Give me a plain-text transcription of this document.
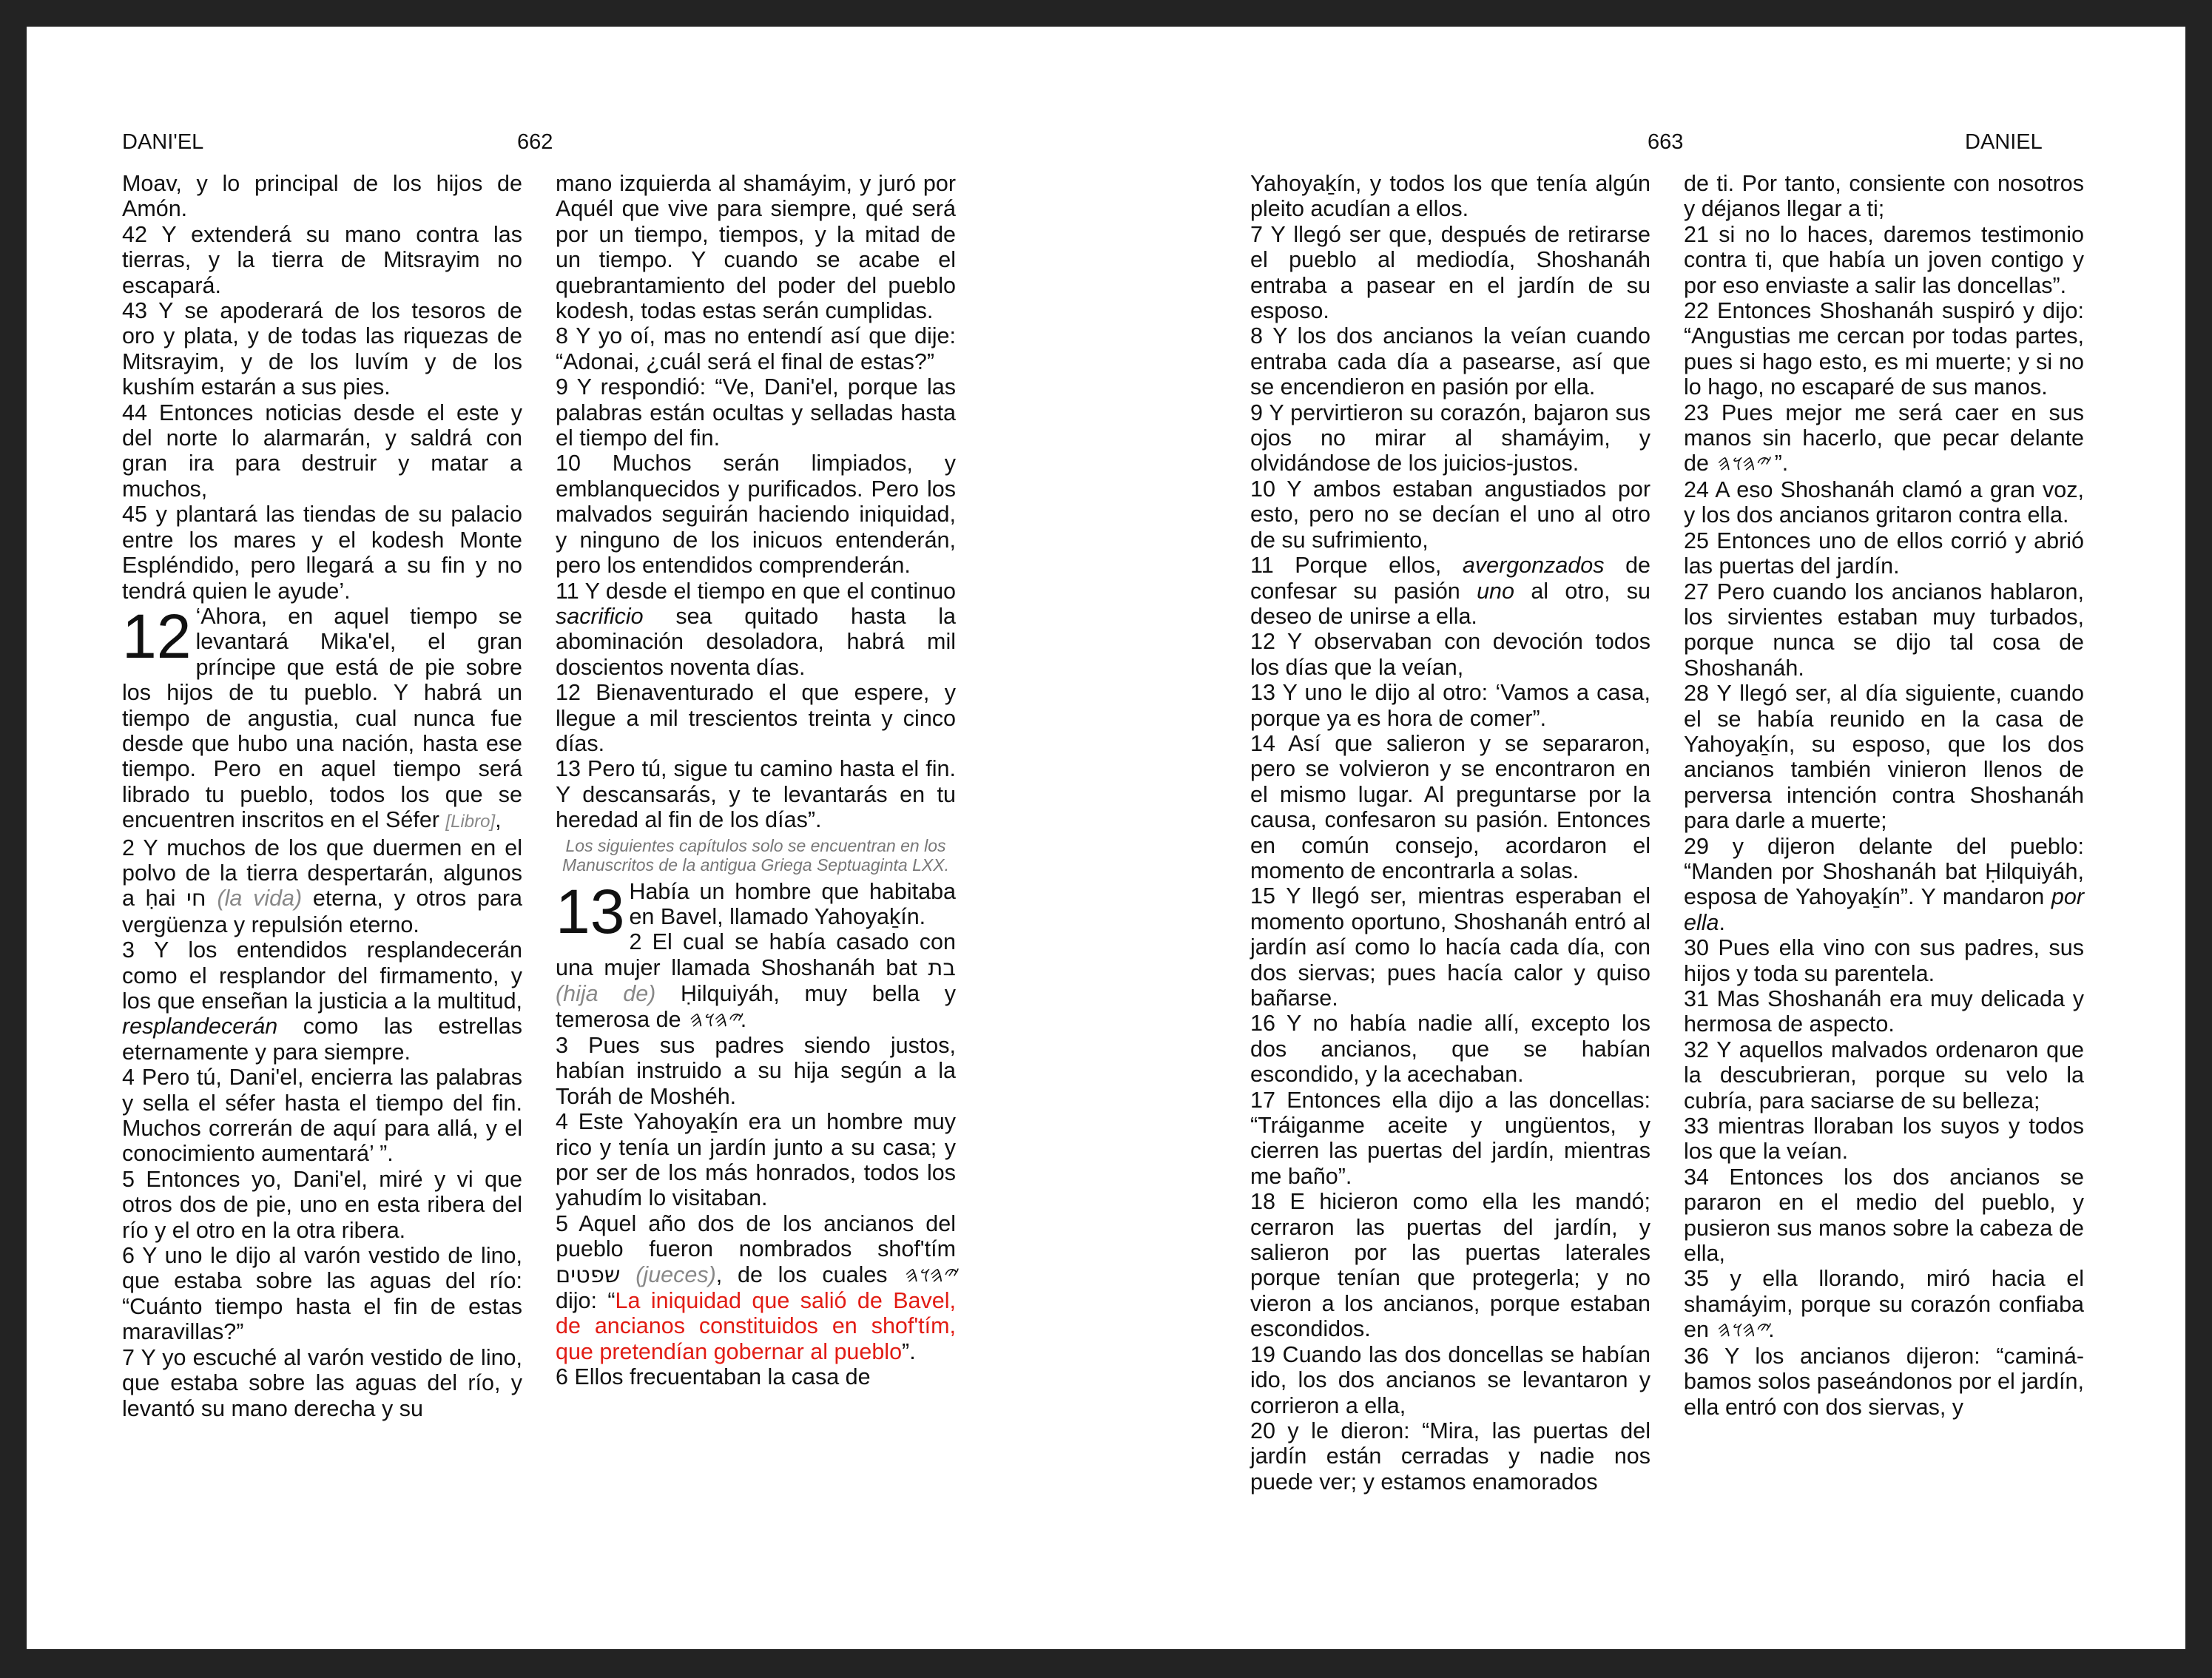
DANI'EL	662

Moav, y lo principal de los hijos de Amón.

42 Y extenderá su mano contra las tierras, y la tierra de Mitsrayim no escapará.

43 Y se apoderará de los tesoros de oro y plata, y de todas las riquezas de Mitsrayim, y de los luvím y de los kushím estarán a sus pies.

44 Entonces noticias desde el este y del norte lo alarmarán, y saldrá con gran ira para destruir y matar a muchos,

45 y plantará las tiendas de su palacio entre los mares y el kodesh Monte Espléndido, pero llegará a su fin y no tendrá quien le ayude’.

12 ‘Ahora, en aquel tiempo se levantará Mika'el, el gran príncipe que está de pie sobre los hijos de tu pueblo. Y habrá un tiempo de angustia, cual nunca fue desde que hubo una nación, hasta ese tiempo. Pero en aquel tiempo será librado tu pueblo, todos los que se encuentren inscritos en el Séfer [Libro],

2 Y muchos de los que duermen en el polvo de la tierra despertarán, algunos a ḥai חי (la vida) eterna, y otros para vergüenza y repulsión eterno.

3 Y los entendidos resplandecerán como el resplandor del firmamento, y los que enseñan la justicia a la multitud, resplandecerán como las estrellas eternamente y para siempre.

4 Pero tú, Dani'el, encierra las palabras y sella el séfer hasta el tiempo del fin. Muchos correrán de aquí para allá, y el conocimiento aumentará’ ”.

5 Entonces yo, Dani'el, miré y vi que otros dos de pie, uno en esta ribera del río y el otro en la otra ribera.

6 Y uno le dijo al varón vestido de lino, que estaba sobre las aguas del río: “Cuánto tiempo hasta el fin de estas maravillas?”

7 Y yo escuché al varón vestido de lino, que estaba sobre las aguas del río, y levantó su mano derecha y su

mano izquierda al shamáyim, y juró por Aquél que vive para siempre, qué será por un tiempo, tiempos, y la mitad de un tiempo. Y cuando se acabe el quebrantamiento del poder del pueblo kodesh, todas estas serán cumplidas.

8 Y yo oí, mas no entendí así que dije: “Adonai, ¿cuál será el final de estas?”

9 Y respondió: “Ve, Dani'el, porque las palabras están ocultas y selladas hasta el tiempo del fin.

10 Muchos serán limpiados, y emblanquecidos y purificados. Pero los malvados seguirán haciendo iniquidad, y ninguno de los inicuos entenderán, pero los entendidos comprenderán.

11 Y desde el tiempo en que el continuo sacrificio sea quitado hasta la abominación desoladora, habrá mil doscientos noventa días.

12 Bienaventurado el que espere, y llegue a mil trescientos treinta y cinco días.

13 Pero tú, sigue tu camino hasta el fin. Y descansarás, y te levantarás en tu heredad al fin de los días”.

Los siguientes capítulos solo se encuentran en los Manuscritos de la antigua Griega Septuaginta LXX.

13 Había un hombre que habitaba en Bavel, llamado Yahoyaḵín.

2 El cual se había casado con una mujer llamada Shoshanáh bat בת (hija de) Ḥilquiyáh, muy bella y temerosa de 𐤉𐤄𐤅𐤄.

3 Pues sus padres siendo justos, habían instruido a su hija según a la Toráh de Moshéh.

4 Este Yahoyaḵín era un hombre muy rico y tenía un jardín junto a su casa; y por ser de los más honrados, todos los yahudím lo visitaban.

5 Aquel año dos de los ancianos del pueblo fueron nombrados shof'tím שפטים (jueces), de los cuales 𐤉𐤄𐤅𐤄 dijo: “La iniquidad que salió de Bavel, de ancianos constituidos en shof'tím, que pretendían gobernar al pueblo”.

6 Ellos frecuentaban la casa de

663	DANIEL

Yahoyaḵín, y todos los que tenía algún pleito acudían a ellos.

7 Y llegó ser que, después de retirarse el pueblo al mediodía, Shoshanáh entraba a pasear en el jardín de su esposo.

8 Y los dos ancianos la veían cuando entraba cada día a pasearse, así que se encendieron en pasión por ella.

9 Y pervirtieron su corazón, bajaron sus ojos no mirar al shamáyim, y olvidándose de los juicios-justos.

10 Y ambos estaban angustiados por esto, pero no se decían el uno al otro de su sufrimiento,

11 Porque ellos, avergonzados de confesar su pasión uno al otro, su deseo de unirse a ella.

12 Y observaban con devoción todos los días que la veían,

13 Y uno le dijo al otro: ‘Vamos a casa, porque ya es hora de comer”.

14 Así que salieron y se separaron, pero se volvieron y se encontraron en el mismo lugar. Al preguntarse por la causa, confesaron su pasión. Entonces en común consejo, acordaron el momento de encontrarla a solas.

15 Y llegó ser, mientras esperaban el momento oportuno, Shoshanáh entró al jardín así como lo hacía cada día, con dos siervas; pues hacía calor y quiso bañarse.

16 Y no había nadie allí, excepto los dos ancianos, que se habían escondido, y la acechaban.

17 Entonces ella dijo a las doncellas: “Tráiganme aceite y ungüentos, y cierren las puertas del jardín, mientras me baño”.

18 E hicieron como ella les mandó; cerraron las puertas del jardín, y salieron por las puertas laterales porque tenían que protegerla; y no vieron a los ancianos, porque estaban escondidos.

19 Cuando las dos doncellas se habían ido, los dos ancianos se levantaron y corrieron a ella,

20 y le dieron: “Mira, las puertas del jardín están cerradas y nadie nos puede ver; y estamos enamorados

de ti. Por tanto, consiente con nosotros y déjanos llegar a ti;

21 si no lo haces, daremos testimonio contra ti, que había un joven contigo y por eso enviaste a salir las doncellas”.

22 Entonces Shoshanáh suspiró y dijo: “Angustias me cercan por todas partes, pues si hago esto, es mi muerte; y si no lo hago, no escaparé de sus manos.

23 Pues mejor me será caer en sus manos sin hacerlo, que pecar delante de 𐤉𐤄𐤅𐤄 ”.

24 A eso Shoshanáh clamó a gran voz, y los dos ancianos gritaron contra ella.

25 Entonces uno de ellos corrió y abrió las puertas del jardín.

27 Pero cuando los ancianos hablaron, los sirvientes estaban muy turbados, porque nunca se dijo tal cosa de Shoshanáh.

28 Y llegó ser, al día siguiente, cuando el se había reunido en la casa de Yahoyaḵín, su esposo, que los dos ancianos también vinieron llenos de perversa intención contra Shoshanáh para darle a muerte;

29 y dijeron delante del pueblo: “Manden por Shoshanáh bat Ḥilquiyáh, esposa de Yahoyaḵín”. Y mandaron por ella.

30 Pues ella vino con sus padres, sus hijos y toda su parentela.

31 Mas Shoshanáh era muy delicada y hermosa de aspecto.

32 Y aquellos malvados ordenaron que la descubrieran, porque su velo la cubría, para saciarse de su belleza;

33 mientras lloraban los suyos y todos los que la veían.

34 Entonces los dos ancianos se pararon en el medio del pueblo, y pusieron sus manos sobre la cabeza de ella,

35 y ella llorando, miró hacia el shamáyim, porque su corazón confiaba en 𐤉𐤄𐤅𐤄.

36 Y los ancianos dijeron: “caminá-bamos solos paseándonos por el jardín, ella entró con dos siervas, y
